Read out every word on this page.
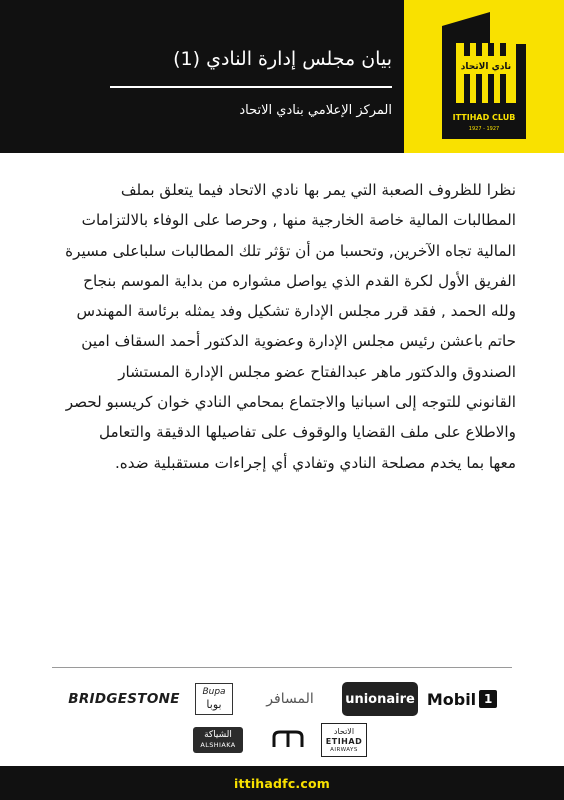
نادي الاتحاد
ITTIHAD CLUB
1927 - 1927
بيان مجلس إدارة النادي (1)
المركز الإعلامي بنادي الاتحاد
نظرا للظروف الصعبة التي يمر بها نادي الاتحاد فيما يتعلق بملف
المطالبات المالية خاصة الخارجية منها , وحرصا على الوفاء بالالتزامات
المالية تجاه الآخرين, وتحسبا من أن تؤثر تلك المطالبات سلباعلى مسيرة
الفريق الأول لكرة القدم الذي يواصل مشواره من بداية الموسم بنجاح
ولله الحمد , فقد قرر مجلس الإدارة تشكيل وفد يمثله برئاسة المهندس
حاتم باعشن رئيس مجلس الإدارة وعضوية الدكتور أحمد السقاف امين
الصندوق والدكتور ماهر عبدالفتاح عضو مجلس الإدارة المستشار
القانوني للتوجه إلى اسبانيا والاجتماع بمحامي النادي خوان كريسبو لحصر
والاطلاع على ملف القضايا والوقوف على تفاصيلها الدقيقة والتعامل
معها بما يخدم مصلحة النادي وتفادي أي إجراءات مستقبلية ضده.
BRIDGESTONE	Bupa
بوبا	المسافر	unionaire Mobil 1
الشياكة
ALSHIAKA
الاتحاد
ETIHAD
AIRWAYS
ittihadfc.com
